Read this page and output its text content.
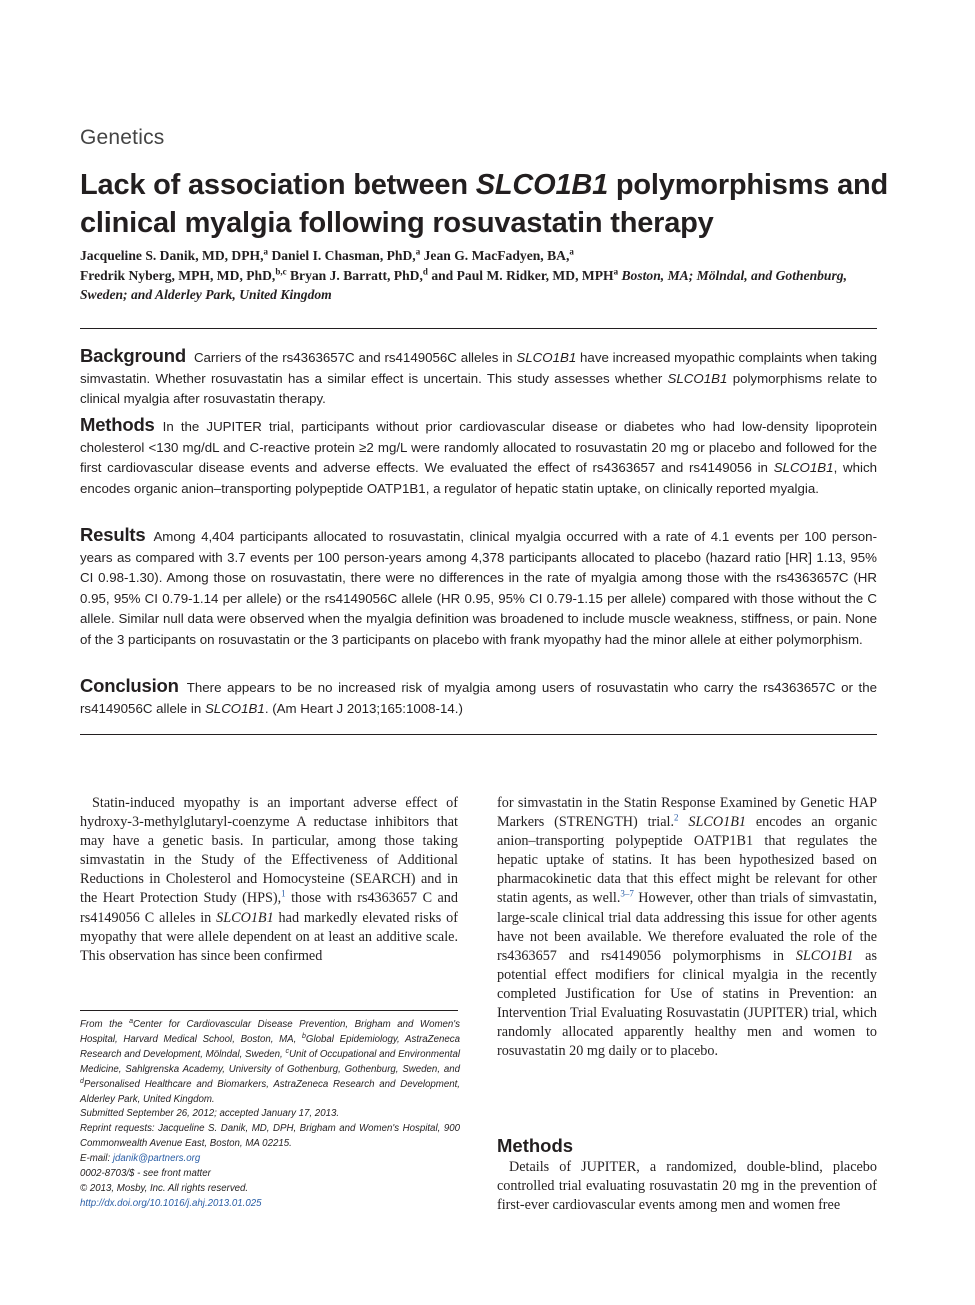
Genetics
Lack of association between SLCO1B1 polymorphisms and clinical myalgia following rosuvastatin therapy
Jacqueline S. Danik, MD, DPH,$^a$ Daniel I. Chasman, PhD,$^a$ Jean G. MacFadyen, BA,$^a$
Fredrik Nyberg, MPH, MD, PhD,$^{b,c}$ Bryan J. Barratt, PhD,$^d$ and Paul M. Ridker, MD, MPH$^a$ Boston, MA; Mölndal, and Gothenburg, Sweden; and Alderley Park, United Kingdom
Background Carriers of the rs4363657C and rs4149056C alleles in SLCO1B1 have increased myopathic complaints when taking simvastatin. Whether rosuvastatin has a similar effect is uncertain. This study assesses whether SLCO1B1 polymorphisms relate to clinical myalgia after rosuvastatin therapy.
Methods In the JUPITER trial, participants without prior cardiovascular disease or diabetes who had low-density lipoprotein cholesterol <130 mg/dL and C-reactive protein ≥2 mg/L were randomly allocated to rosuvastatin 20 mg or placebo and followed for the first cardiovascular disease events and adverse effects. We evaluated the effect of rs4363657 and rs4149056 in SLCO1B1, which encodes organic anion–transporting polypeptide OATP1B1, a regulator of hepatic statin uptake, on clinically reported myalgia.
Results Among 4,404 participants allocated to rosuvastatin, clinical myalgia occurred with a rate of 4.1 events per 100 person-years as compared with 3.7 events per 100 person-years among 4,378 participants allocated to placebo (hazard ratio [HR] 1.13, 95% CI 0.98-1.30). Among those on rosuvastatin, there were no differences in the rate of myalgia among those with the rs4363657C (HR 0.95, 95% CI 0.79-1.14 per allele) or the rs4149056C allele (HR 0.95, 95% CI 0.79-1.15 per allele) compared with those without the C allele. Similar null data were observed when the myalgia definition was broadened to include muscle weakness, stiffness, or pain. None of the 3 participants on rosuvastatin or the 3 participants on placebo with frank myopathy had the minor allele at either polymorphism.
Conclusion There appears to be no increased risk of myalgia among users of rosuvastatin who carry the rs4363657C or the rs4149056C allele in SLCO1B1. (Am Heart J 2013;165:1008-14.)
Statin-induced myopathy is an important adverse effect of hydroxy-3-methylglutaryl-coenzyme A reductase inhibitors that may have a genetic basis. In particular, among those taking simvastatin in the Study of the Effectiveness of Additional Reductions in Cholesterol and Homocysteine (SEARCH) and in the Heart Protection Study (HPS),$^1$ those with rs4363657 C and rs4149056 C alleles in SLCO1B1 had markedly elevated risks of myopathy that were allele dependent on at least an additive scale. This observation has since been confirmed

From the $^a$Center for Cardiovascular Disease Prevention, Brigham and Women's Hospital, Harvard Medical School, Boston, MA, $^b$Global Epidemiology, AstraZeneca Research and Development, Mölndal, Sweden, $^c$Unit of Occupational and Environmental Medicine, Sahlgrenska Academy, University of Gothenburg, Gothenburg, Sweden, and $^d$Personalised Healthcare and Biomarkers, AstraZeneca Research and Development, Alderley Park, United Kingdom.

Submitted September 26, 2012; accepted January 17, 2013.

Reprint requests: Jacqueline S. Danik, MD, DPH, Brigham and Women's Hospital, 900 Commonwealth Avenue East, Boston, MA 02215.

E-mail: jdanik@partners.org

0002-8703/$ - see front matter

© 2013, Mosby, Inc. All rights reserved.

http://dx.doi.org/10.1016/j.ahj.2013.01.025

for simvastatin in the Statin Response Examined by Genetic HAP Markers (STRENGTH) trial.$^2$ SLCO1B1 encodes an organic anion–transporting polypeptide OATP1B1 that regulates the hepatic uptake of statins. It has been hypothesized based on pharmacokinetic data that this effect might be relevant for other statin agents, as well.$^{3-7}$ However, other than trials of simvastatin, large-scale clinical trial data addressing this issue for other agents have not been available. We therefore evaluated the role of the rs4363657 and rs4149056 polymorphisms in SLCO1B1 as potential effect modifiers for clinical myalgia in the recently completed Justification for Use of statins in Prevention: an Intervention Trial Evaluating Rosuvastatin (JUPITER) trial, which randomly allocated apparently healthy men and women to rosuvastatin 20 mg daily or to placebo.
Methods
Details of JUPITER, a randomized, double-blind, placebo controlled trial evaluating rosuvastatin 20 mg in the prevention of first-ever cardiovascular events among men and women free
